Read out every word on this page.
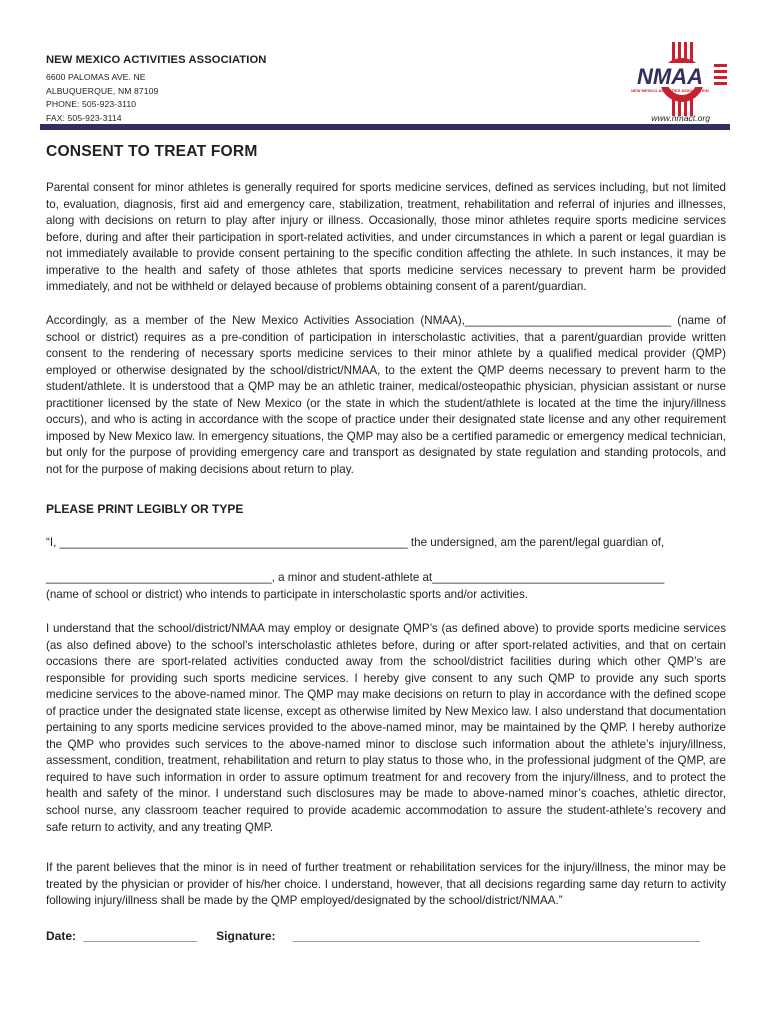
NEW MEXICO ACTIVITIES ASSOCIATION
6600 PALOMAS AVE. NE
ALBUQUERQUE, NM 87109
PHONE: 505-923-3110
FAX: 505-923-3114
NMAA
NEW MEXICO ACTIVITIES ASSOCIATION
www.nmact.org
CONSENT TO TREAT FORM

Parental consent for minor athletes is generally required for sports medicine services, defined as services including, but not limited to, evaluation, diagnosis, first aid and emergency care, stabilization, treatment, rehabilitation and referral of injuries and illnesses, along with decisions on return to play after injury or illness. Occasionally, those minor athletes require sports medicine services before, during and after their participation in sport-related activities, and under circumstances in which a parent or legal guardian is not immediately available to provide consent pertaining to the specific condition affecting the athlete. In such instances, it may be imperative to the health and safety of those athletes that sports medicine services necessary to prevent harm be provided immediately, and not be withheld or delayed because of problems obtaining consent of a parent/guardian.

Accordingly, as a member of the New Mexico Activities Association (NMAA),________________________________ (name of school or district) requires as a pre-condition of participation in interscholastic activities, that a parent/guardian provide written consent to the rendering of necessary sports medicine services to their minor athlete by a qualified medical provider (QMP) employed or otherwise designated by the school/district/NMAA, to the extent the QMP deems necessary to prevent harm to the student/athlete. It is understood that a QMP may be an athletic trainer, medical/osteopathic physician, physician assistant or nurse practitioner licensed by the state of New Mexico (or the state in which the student/athlete is located at the time the injury/illness occurs), and who is acting in accordance with the scope of practice under their designated state license and any other requirement imposed by New Mexico law. In emergency situations, the QMP may also be a certified paramedic or emergency medical technician, but only for the purpose of providing emergency care and transport as designated by state regulation and standing protocols, and not for the purpose of making decisions about return to play.

PLEASE PRINT LEGIBLY OR TYPE
“I, ______________________________________________________ the undersigned, am the parent/legal guardian of,
___________________________________, a minor and student-athlete at____________________________________
(name of school or district) who intends to participate in interscholastic sports and/or activities.

I understand that the school/district/NMAA may employ or designate QMP’s (as defined above) to provide sports medicine services (as also defined above) to the school’s interscholastic athletes before, during or after sport-related activities, and that on certain occasions there are sport-related activities conducted away from the school/district facilities during which other QMP’s are responsible for providing such sports medicine services. I hereby give consent to any such QMP to provide any such sports medicine services to the above-named minor. The QMP may make decisions on return to play in accordance with the defined scope of practice under the designated state license, except as otherwise limited by New Mexico law. I also understand that documentation pertaining to any sports medicine services provided to the above-named minor, may be maintained by the QMP. I hereby authorize the QMP who provides such services to the above-named minor to disclose such information about the athlete’s injury/illness, assessment, condition, treatment, rehabilitation and return to play status to those who, in the professional judgment of the QMP, are required to have such information in order to assure optimum treatment for and recovery from the injury/illness, and to protect the health and safety of the minor. I understand such disclosures may be made to above-named minor’s coaches, athletic director, school nurse, any classroom teacher required to provide academic accommodation to assure the student-athlete’s recovery and safe return to activity, and any treating QMP.

If the parent believes that the minor is in need of further treatment or rehabilitation services for the injury/illness, the minor may be treated by the physician or provider of his/her choice. I understand, however, that all decisions regarding same day return to activity following injury/illness shall be made by the QMP employed/designated by the school/district/NMAA.”

Date: _________________ Signature: _____________________________________________________________
